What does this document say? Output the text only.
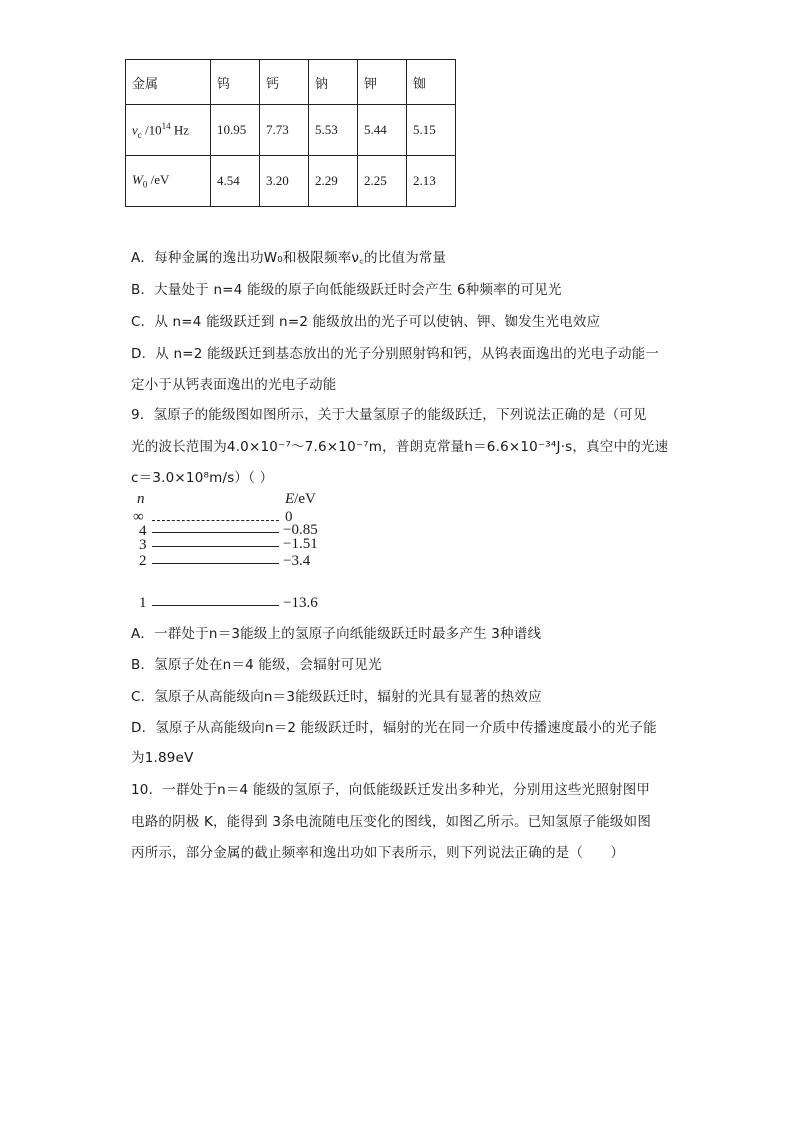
金属	钨	钙	钠	钾	铷
$\nu_c$ $/10^{14}$ Hz	10.95	7.73	5.53	5.44	5.15
$W_0$ /eV	4.54	3.20	2.29	2.25	2.13
A．每种金属的逸出功W₀和极限频率ν꜀的比值为常量
B．大量处于 n=4 能级的原子向低能级跃迁时会产生 6种频率的可见光
C．从 n=4 能级跃迁到 n=2 能级放出的光子可以使钠、钾、铷发生光电效应
D．从 n=2 能级跃迁到基态放出的光子分别照射钨和钙，从钨表面逸出的光电子动能一
定小于从钙表面逸出的光电子动能
9．氢原子的能级图如图所示，关于大量氢原子的能级跃迁，下列说法正确的是（可见
光的波长范围为4.0×10⁻⁷～7.6×10⁻⁷m，普朗克常量h＝6.6×10⁻³⁴J·s，真空中的光速
c＝3.0×10⁸m/s）（ ）
n	E/eV
∞	0
4	−0.85
3	−1.51
2	−3.4
1	−13.6
A．一群处于n＝3能级上的氢原子向纸能级跃迁时最多产生 3种谱线
B．氢原子处在n＝4 能级，会辐射可见光
C．氢原子从高能级向n＝3能级跃迁时，辐射的光具有显著的热效应
D．氢原子从高能级向n＝2 能级跃迁时，辐射的光在同一介质中传播速度最小的光子能
为1.89eV
10．一群处于n＝4 能级的氢原子，向低能级跃迁发出多种光，分别用这些光照射图甲
电路的阴极 K，能得到 3条电流随电压变化的图线，如图乙所示。已知氢原子能级如图
丙所示，部分金属的截止频率和逸出功如下表所示，则下列说法正确的是（　　）
